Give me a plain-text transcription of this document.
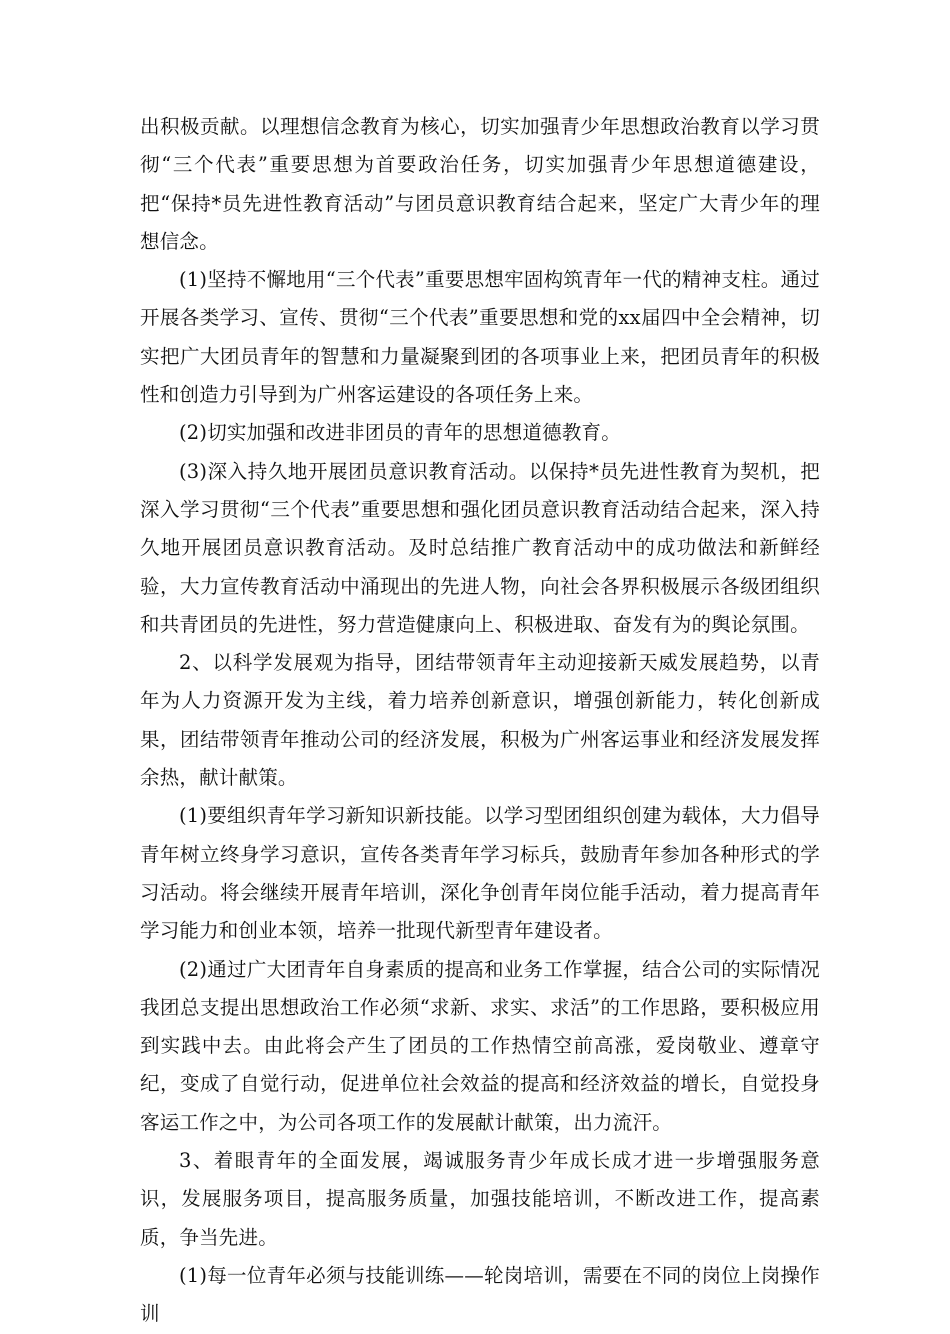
出积极贡献。以理想信念教育为核心，切实加强青少年思想政治教育以学习贯彻“三个代表”重要思想为首要政治任务，切实加强青少年思想道德建设，把“保持*员先进性教育活动”与团员意识教育结合起来，坚定广大青少年的理想信念。

(1)坚持不懈地用“三个代表”重要思想牢固构筑青年一代的精神支柱。通过开展各类学习、宣传、贯彻“三个代表”重要思想和党的xx届四中全会精神，切实把广大团员青年的智慧和力量凝聚到团的各项事业上来，把团员青年的积极性和创造力引导到为广州客运建设的各项任务上来。

(2)切实加强和改进非团员的青年的思想道德教育。

(3)深入持久地开展团员意识教育活动。以保持*员先进性教育为契机，把深入学习贯彻“三个代表”重要思想和强化团员意识教育活动结合起来，深入持久地开展团员意识教育活动。及时总结推广教育活动中的成功做法和新鲜经验，大力宣传教育活动中涌现出的先进人物，向社会各界积极展示各级团组织和共青团员的先进性，努力营造健康向上、积极进取、奋发有为的舆论氛围。

2、以科学发展观为指导，团结带领青年主动迎接新天威发展趋势，以青年为人力资源开发为主线，着力培养创新意识，增强创新能力，转化创新成果，团结带领青年推动公司的经济发展，积极为广州客运事业和经济发展发挥余热，献计献策。

(1)要组织青年学习新知识新技能。以学习型团组织创建为载体，大力倡导青年树立终身学习意识，宣传各类青年学习标兵，鼓励青年参加各种形式的学习活动。将会继续开展青年培训，深化争创青年岗位能手活动，着力提高青年学习能力和创业本领，培养一批现代新型青年建设者。

(2)通过广大团青年自身素质的提高和业务工作掌握，结合公司的实际情况我团总支提出思想政治工作必须“求新、求实、求活”的工作思路，要积极应用到实践中去。由此将会产生了团员的工作热情空前高涨，爱岗敬业、遵章守纪，变成了自觉行动，促进单位社会效益的提高和经济效益的增长，自觉投身客运工作之中，为公司各项工作的发展献计献策，出力流汗。

3、着眼青年的全面发展，竭诚服务青少年成长成才进一步增强服务意识，发展服务项目，提高服务质量，加强技能培训，不断改进工作，提高素质，争当先进。

(1)每一位青年必须与技能训练——轮岗培训，需要在不同的岗位上岗操作训
